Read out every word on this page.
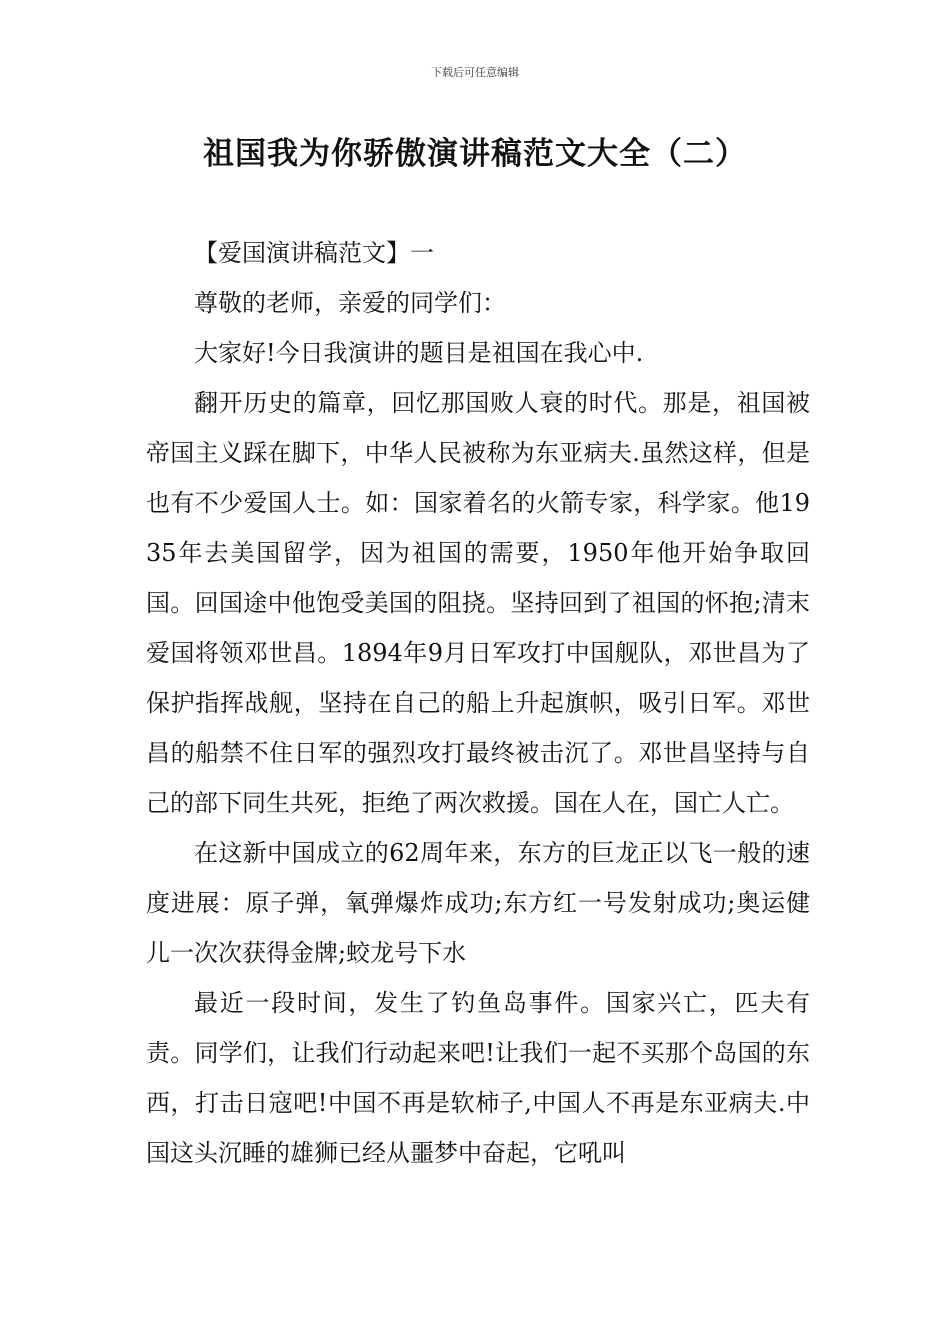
下载后可任意编辑
祖国我为你骄傲演讲稿范文大全（二）

【爱国演讲稿范文】一

尊敬的老师，亲爱的同学们：

大家好!今日我演讲的题目是祖国在我心中.

翻开历史的篇章，回忆那国败人衰的时代。那是，祖国被帝国主义踩在脚下，中华人民被称为东亚病夫.虽然这样，但是也有不少爱国人士。如：国家着名的火箭专家，科学家。他1935年去美国留学，因为祖国的需要，1950年他开始争取回国。回国途中他饱受美国的阻挠。坚持回到了祖国的怀抱;清末爱国将领邓世昌。1894年9月日军攻打中国舰队，邓世昌为了保护指挥战舰，坚持在自己的船上升起旗帜，吸引日军。邓世昌的船禁不住日军的强烈攻打最终被击沉了。邓世昌坚持与自己的部下同生共死，拒绝了两次救援。国在人在，国亡人亡。

在这新中国成立的62周年来，东方的巨龙正以飞一般的速度进展：原子弹，氧弹爆炸成功;东方红一号发射成功;奥运健儿一次次获得金牌;蛟龙号下水

最近一段时间，发生了钓鱼岛事件。国家兴亡，匹夫有责。同学们，让我们行动起来吧!让我们一起不买那个岛国的东西，打击日寇吧!中国不再是软柿子,中国人不再是东亚病夫.中国这头沉睡的雄狮已经从噩梦中奋起，它吼叫
